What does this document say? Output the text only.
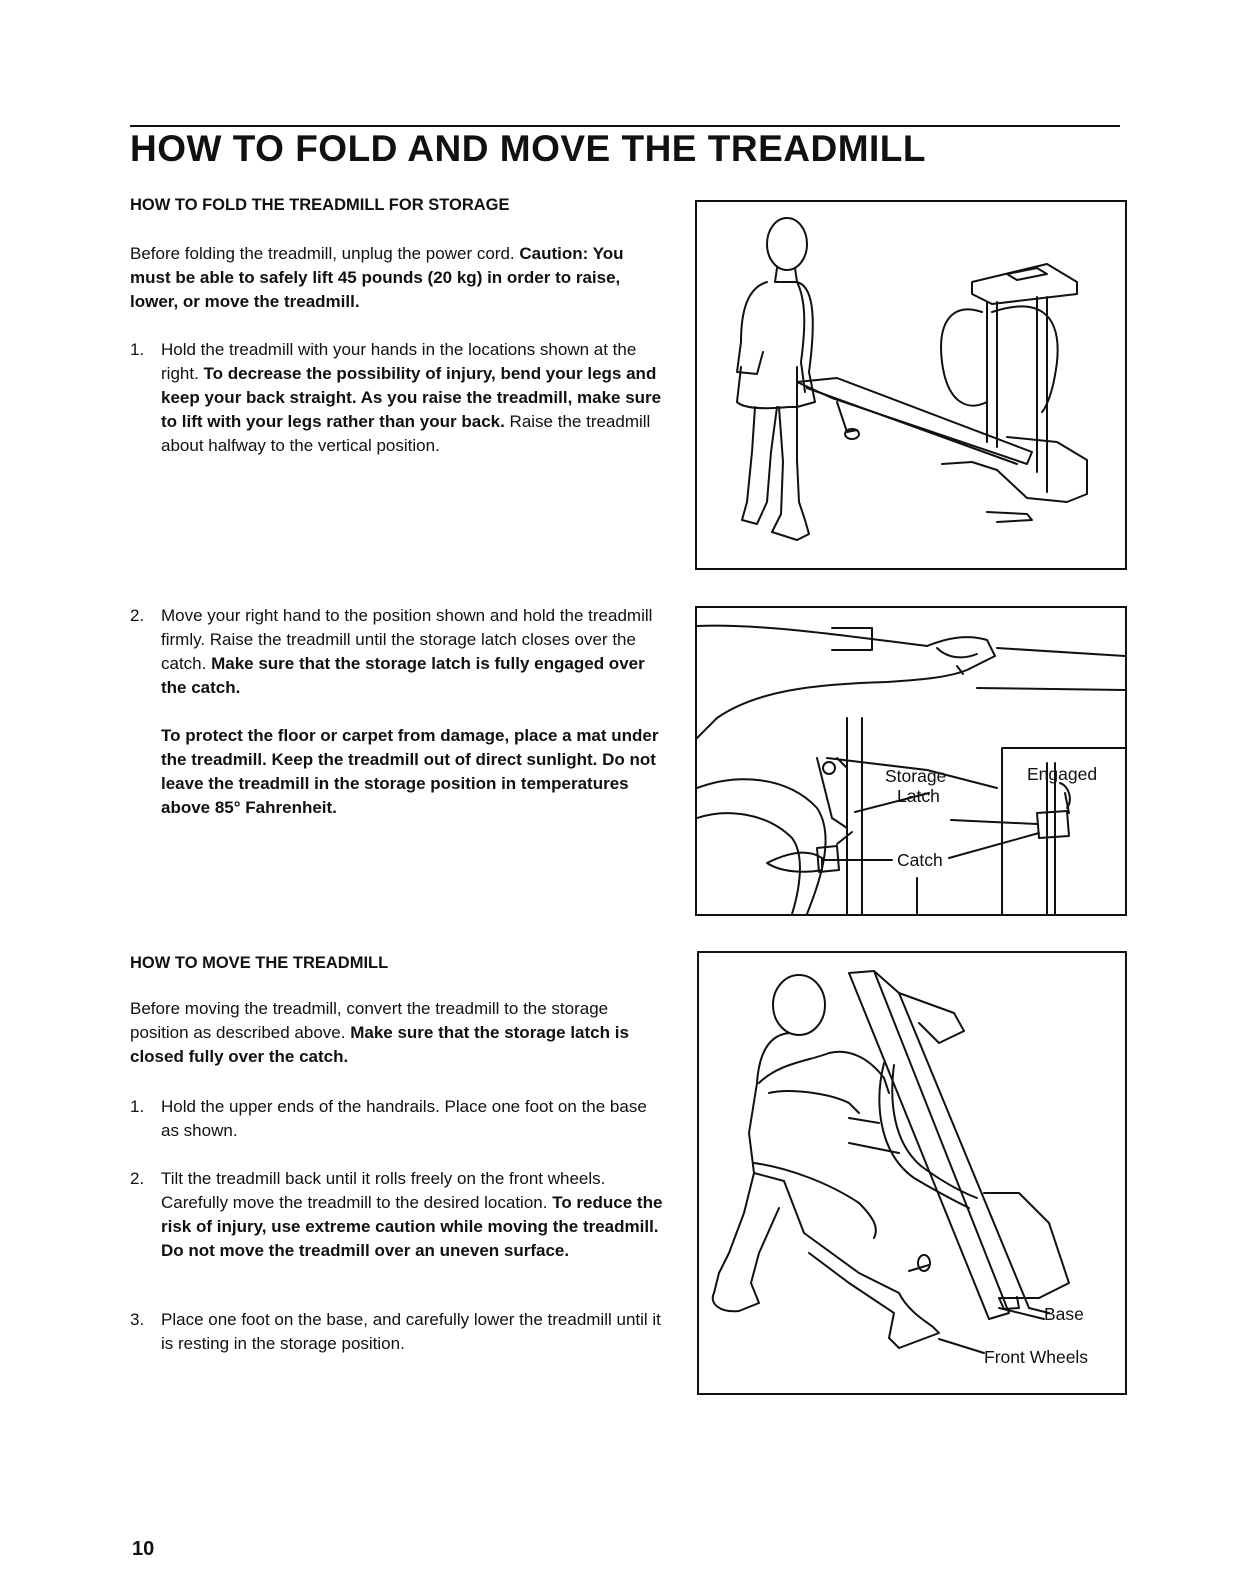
HOW TO FOLD AND MOVE THE TREADMILL
HOW TO FOLD THE TREADMILL FOR STORAGE

Before folding the treadmill, unplug the power cord. Caution: You must be able to safely lift 45 pounds (20 kg) in order to raise, lower, or move the treadmill.

1. Hold the treadmill with your hands in the locations shown at the right. To decrease the possibility of injury, bend your legs and keep your back straight. As you raise the treadmill, make sure to lift with your legs rather than your back. Raise the treadmill about halfway to the vertical position.
2. Move your right hand to the position shown and hold the treadmill firmly. Raise the treadmill until the storage latch closes over the catch. Make sure that the storage latch is fully engaged over the catch.

To protect the floor or carpet from damage, place a mat under the treadmill. Keep the treadmill out of direct sunlight. Do not leave the treadmill in the storage position in temperatures above 85° Fahrenheit.

HOW TO MOVE THE TREADMILL

Before moving the treadmill, convert the treadmill to the storage position as described above. Make sure that the storage latch is closed fully over the catch.

1. Hold the upper ends of the handrails. Place one foot on the base as shown.
2. Tilt the treadmill back until it rolls freely on the front wheels. Carefully move the treadmill to the desired location. To reduce the risk of injury, use extreme caution while moving the treadmill. Do not move the treadmill over an uneven surface.
3. Place one foot on the base, and carefully lower the treadmill until it is resting in the storage position.
Storage
Latch
Catch
Engaged
Base
Front Wheels

10
